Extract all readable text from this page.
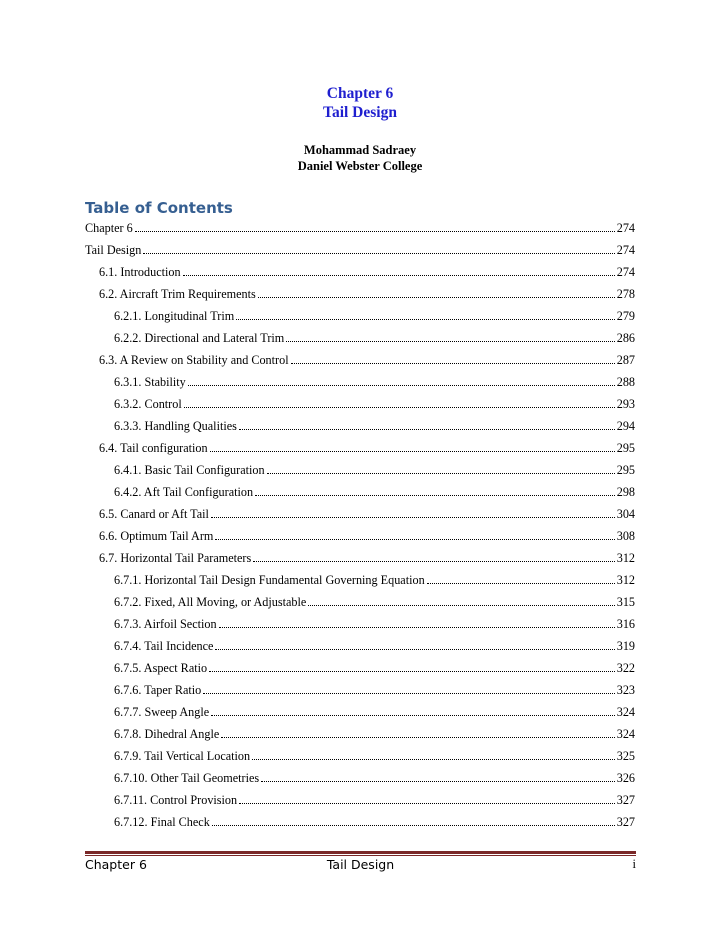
Chapter 6
Tail Design
Mohammad Sadraey
Daniel Webster College
Table of Contents
Chapter 6	274
Tail Design	274
6.1. Introduction	274
6.2. Aircraft Trim Requirements	278
6.2.1. Longitudinal Trim	279
6.2.2. Directional and Lateral Trim	286
6.3. A Review on Stability and Control	287
6.3.1. Stability	288
6.3.2. Control	293
6.3.3. Handling Qualities	294
6.4. Tail configuration	295
6.4.1. Basic Tail Configuration	295
6.4.2. Aft Tail Configuration	298
6.5. Canard or Aft Tail	304
6.6. Optimum Tail Arm	308
6.7. Horizontal Tail Parameters	312
6.7.1. Horizontal Tail Design Fundamental Governing Equation	312
6.7.2. Fixed, All Moving, or Adjustable	315
6.7.3. Airfoil Section	316
6.7.4. Tail Incidence	319
6.7.5. Aspect Ratio	322
6.7.6. Taper Ratio	323
6.7.7. Sweep Angle	324
6.7.8. Dihedral Angle	324
6.7.9. Tail Vertical Location	325
6.7.10. Other Tail Geometries	326
6.7.11. Control Provision	327
6.7.12. Final Check	327
Chapter 6	Tail Design	i
